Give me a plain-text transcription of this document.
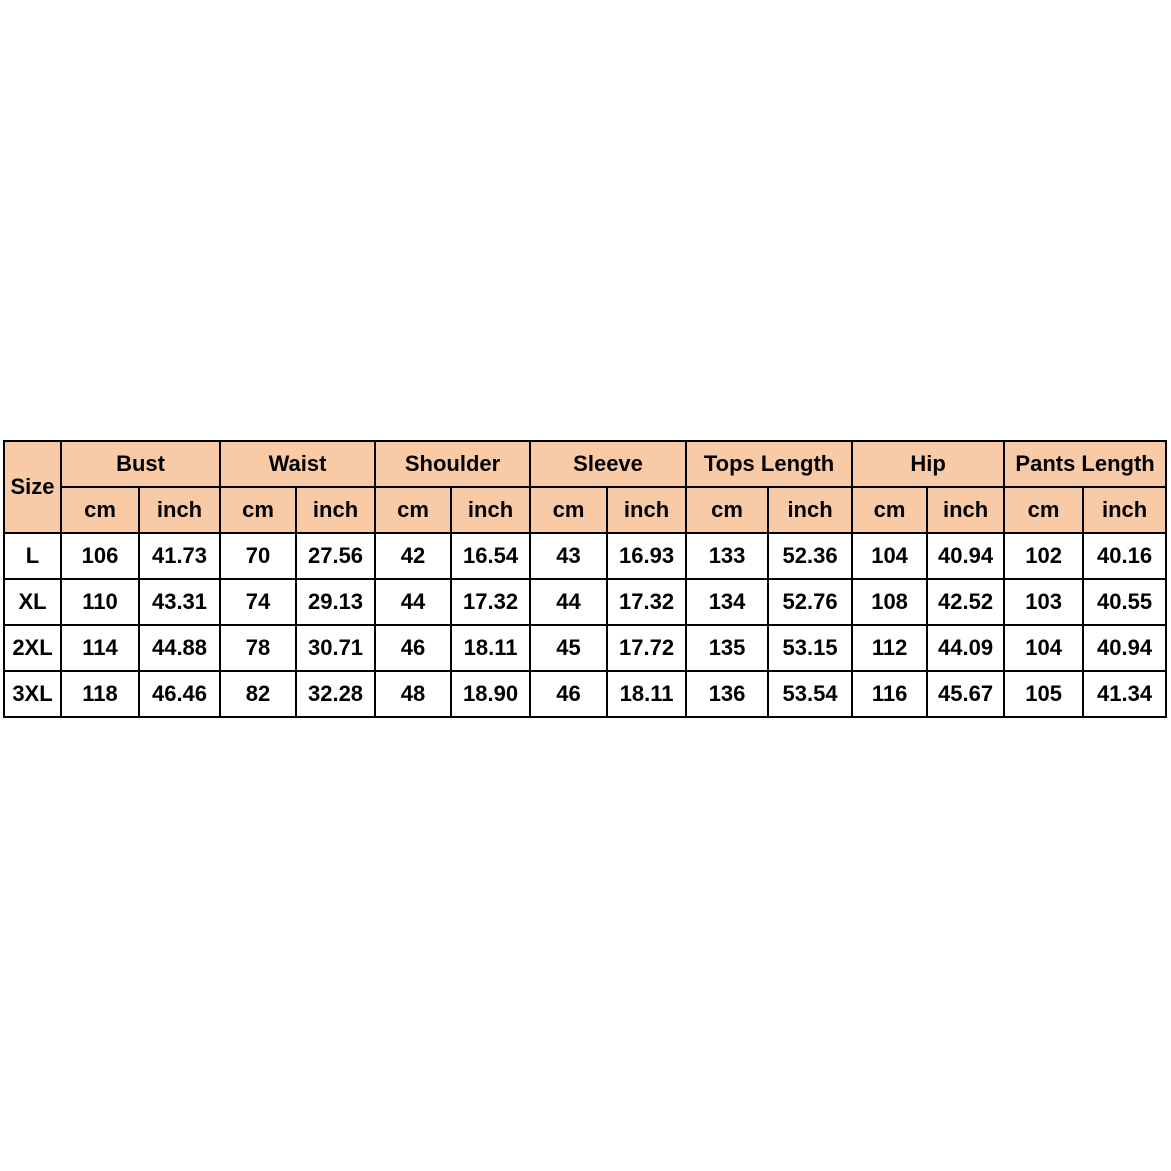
Size	Bust		Waist		Shoulder		Sleeve		Tops Length		Hip		Pants Length	
	cm	inch	cm	inch	cm	inch	cm	inch	cm	inch	cm	inch	cm	inch
L	106	41.73	70	27.56	42	16.54	43	16.93	133	52.36	104	40.94	102	40.16
XL	110	43.31	74	29.13	44	17.32	44	17.32	134	52.76	108	42.52	103	40.55
2XL	114	44.88	78	30.71	46	18.11	45	17.72	135	53.15	112	44.09	104	40.94
3XL	118	46.46	82	32.28	48	18.90	46	18.11	136	53.54	116	45.67	105	41.34
